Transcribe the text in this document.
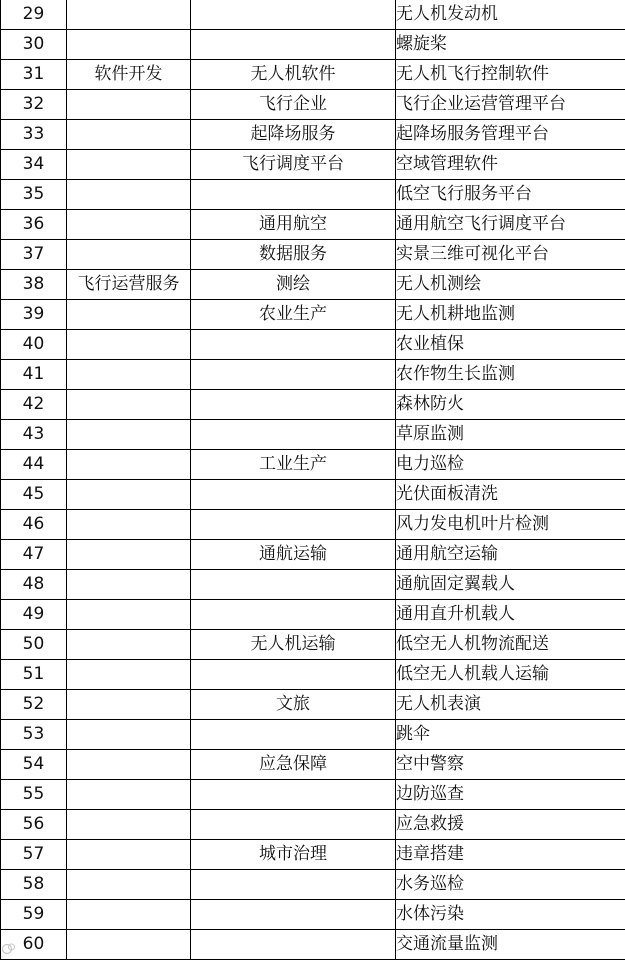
29			无人机发动机
30			螺旋桨
31	软件开发	无人机软件	无人机飞行控制软件
32		飞行企业	飞行企业运营管理平台
33		起降场服务	起降场服务管理平台
34		飞行调度平台	空域管理软件
35			低空飞行服务平台
36		通用航空	通用航空飞行调度平台
37		数据服务	实景三维可视化平台
38	飞行运营服务	测绘	无人机测绘
39		农业生产	无人机耕地监测
40			农业植保
41			农作物生长监测
42			森林防火
43			草原监测
44		工业生产	电力巡检
45			光伏面板清洗
46			风力发电机叶片检测
47		通航运输	通用航空运输
48			通航固定翼载人
49			通用直升机载人
50		无人机运输	低空无人机物流配送
51			低空无人机载人运输
52		文旅	无人机表演
53			跳伞
54		应急保障	空中警察
55			边防巡查
56			应急救援
57		城市治理	违章搭建
58			水务巡检
59			水体污染
60			交通流量监测
